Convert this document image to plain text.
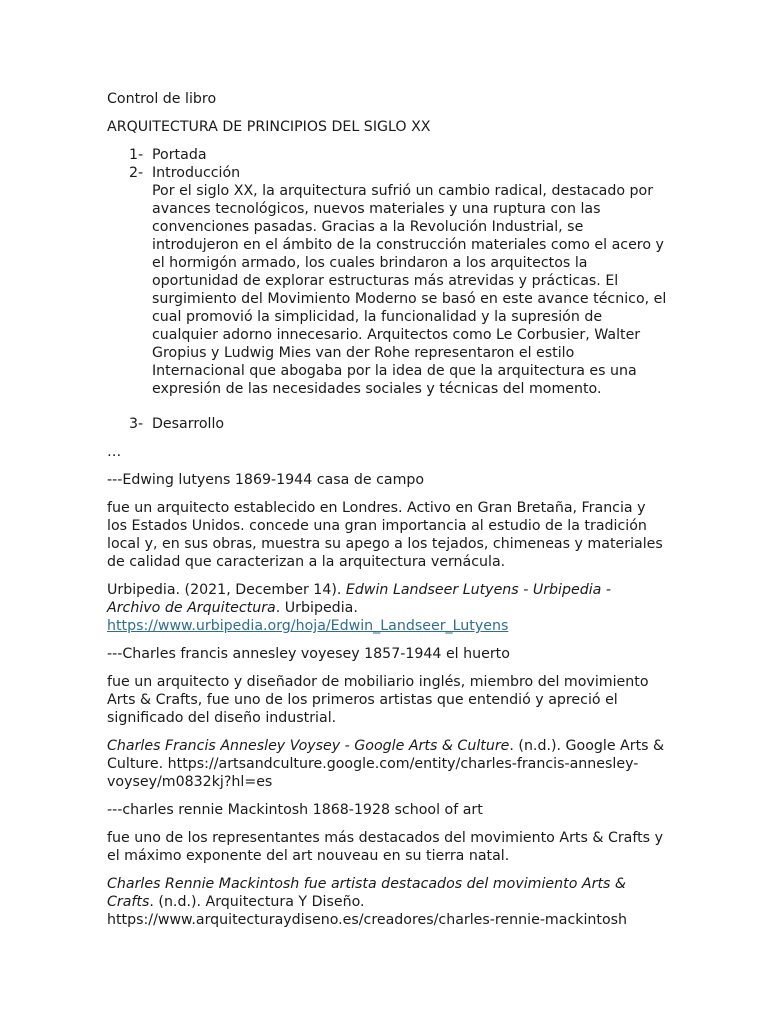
Control de libro

ARQUITECTURA DE PRINCIPIOS DEL SIGLO XX

1- Portada
2- Introducción

Por el siglo XX, la arquitectura sufrió un cambio radical, destacado por avances tecnológicos, nuevos materiales y una ruptura con las convenciones pasadas. Gracias a la Revolución Industrial, se introdujeron en el ámbito de la construcción materiales como el acero y el hormigón armado, los cuales brindaron a los arquitectos la oportunidad de explorar estructuras más atrevidas y prácticas. El surgimiento del Movimiento Moderno se basó en este avance técnico, el cual promovió la simplicidad, la funcionalidad y la supresión de cualquier adorno innecesario. Arquitectos como Le Corbusier, Walter Gropius y Ludwig Mies van der Rohe representaron el estilo Internacional que abogaba por la idea de que la arquitectura es una expresión de las necesidades sociales y técnicas del momento.

3- Desarrollo

…

---Edwing lutyens 1869-1944 casa de campo

fue un arquitecto establecido en Londres. Activo en Gran Bretaña, Francia y los Estados Unidos. concede una gran importancia al estudio de la tradición local y, en sus obras, muestra su apego a los tejados, chimeneas y materiales de calidad que caracterizan a la arquitectura vernácula.

Urbipedia. (2021, December 14). Edwin Landseer Lutyens - Urbipedia - Archivo de Arquitectura. Urbipedia.
https://www.urbipedia.org/hoja/Edwin_Landseer_Lutyens

---Charles francis annesley voyesey 1857-1944 el huerto

fue un arquitecto y diseñador de mobiliario inglés, miembro del movimiento Arts & Crafts, fue uno de los primeros artistas que entendió y apreció el significado del diseño industrial.

Charles Francis Annesley Voysey - Google Arts & Culture. (n.d.). Google Arts & Culture. https://artsandculture.google.com/entity/charles-francis-annesley-voysey/m0832kj?hl=es

---charles rennie Mackintosh 1868-1928 school of art

fue uno de los representantes más destacados del movimiento Arts & Crafts y el máximo exponente del art nouveau en su tierra natal.

Charles Rennie Mackintosh fue artista destacados del movimiento Arts & Crafts. (n.d.). Arquitectura Y Diseño. https://www.arquitecturaydiseno.es/creadores/charles-rennie-mackintosh
